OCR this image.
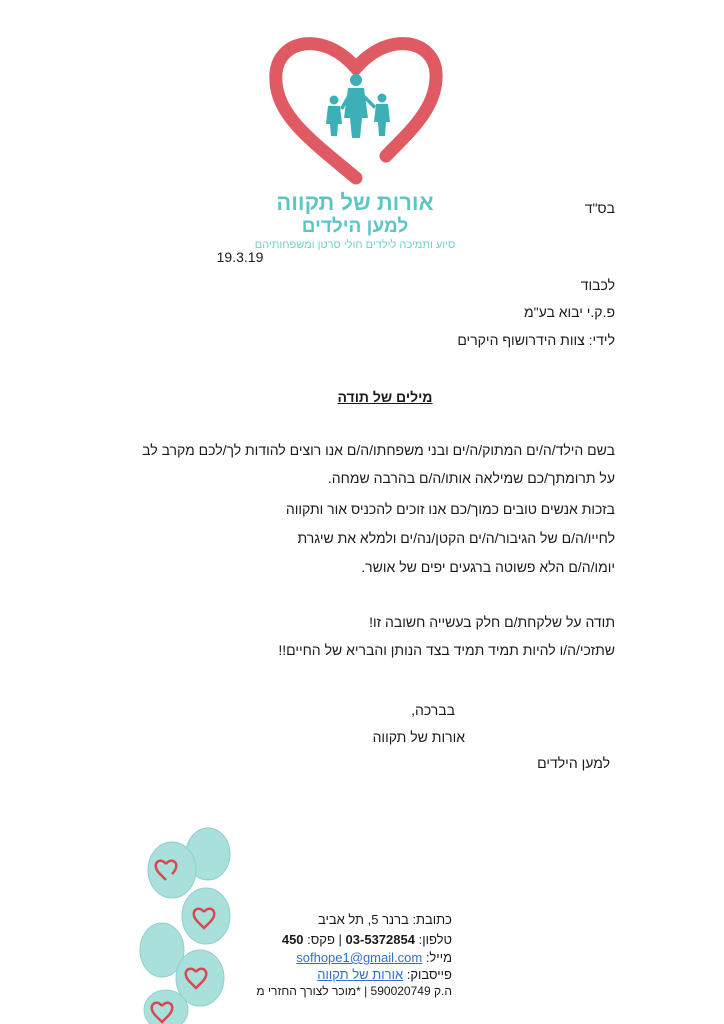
אורות של תקווה
למען הילדים
סיוע ותמיכה לילדים חולי סרטן ומשפחותיהם
בס"ד
19.3.19
לכבוד
פ.ק.י יבוא בע"מ
לידי: צוות הידרושוף היקרים
מילים של תודה
בשם הילד/ה/ים המתוק/ה/ים ובני משפחתו/ה/ם אנו רוצים להודות לך/לכם מקרב לב
על תרומתך/כם שמילאה אותו/ה/ם בהרבה שמחה.
בזכות אנשים טובים כמוך/כם אנו זוכים להכניס אור ותקווה
לחייו/ה/ם של הגיבור/ה/ים הקטן/נה/ים ולמלא את שיגרת
יומו/ה/ם הלא פשוטה ברגעים יפים של אושר.
תודה על שלקחת/ם חלק בעשייה חשובה זו!
שתזכי/ה/ו להיות תמיד תמיד בצד הנותן והבריא של החיים!!
בברכה,
אורות של תקווה
למען הילדים
כתובת: ברנר 5, תל אביב
טלפון: 03-5372854 | פקס: 450
מייל: sofhope1@gmail.com
פייסבוק: אורות של תקווה
ה.ק 590020749 | *מוכר לצורך החזרי מ
